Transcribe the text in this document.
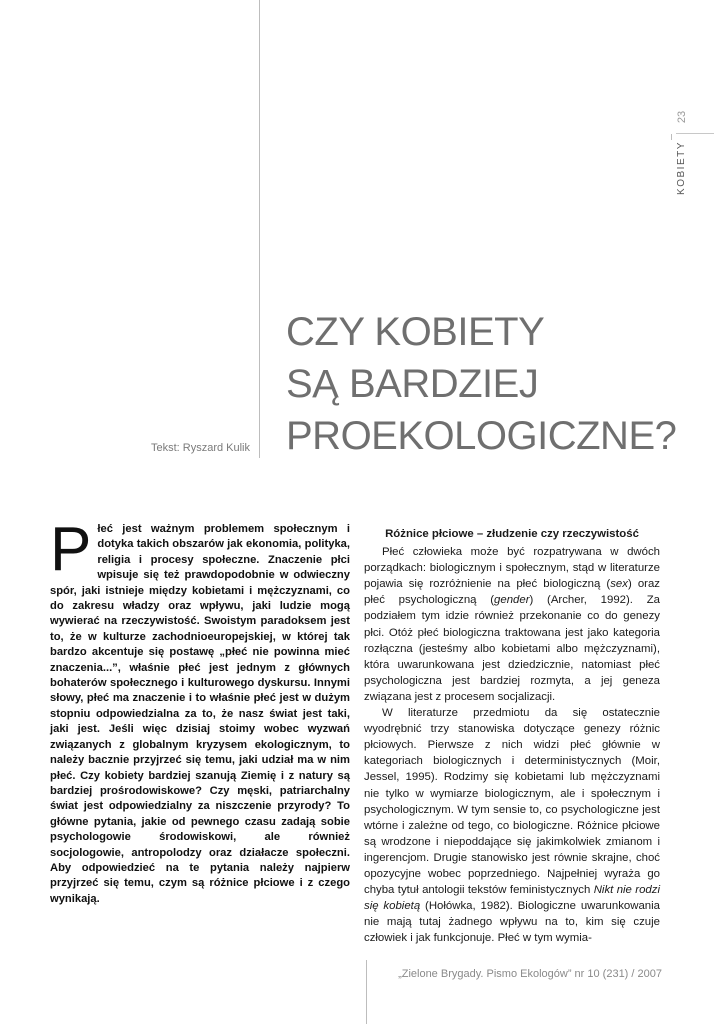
23
KOBIETY
CZY KOBIETY
SĄ BARDZIEJ
PROEKOLOGICZNE?
Tekst: Ryszard Kulik

P łeć jest ważnym problemem społecznym i dotyka takich obszarów jak ekonomia, polityka, religia i procesy społeczne. Znaczenie płci wpisuje się też prawdopodobnie w odwieczny spór, jaki istnieje między kobietami i mężczyznami, co do zakresu władzy oraz wpływu, jaki ludzie mogą wywierać na rzeczywistość. Swoistym paradoksem jest to, że w kulturze zachodnioeuropejskiej, w której tak bardzo akcentuje się postawę „płeć nie powinna mieć znaczenia...”, właśnie płeć jest jednym z głównych bohaterów społecznego i kulturowego dyskursu. Innymi słowy, płeć ma znaczenie i to właśnie płeć jest w dużym stopniu odpowiedzialna za to, że nasz świat jest taki, jaki jest. Jeśli więc dzisiaj stoimy wobec wyzwań związanych z globalnym kryzysem ekologicznym, to należy bacznie przyjrzeć się temu, jaki udział ma w nim płeć. Czy kobiety bardziej szanują Ziemię i z natury są bardziej prośrodowiskowe? Czy męski, patriarchalny świat jest odpowiedzialny za niszczenie przyrody? To główne pytania, jakie od pewnego czasu zadają sobie psychologowie środowiskowi, ale również socjologowie, antropolodzy oraz działacze społeczni. Aby odpowiedzieć na te pytania należy najpierw przyjrzeć się temu, czym są różnice płciowe i z czego wynikają.

Różnice płciowe – złudzenie czy rzeczywistość

Płeć człowieka może być rozpatrywana w dwóch porządkach: biologicznym i społecznym, stąd w literaturze pojawia się rozróżnienie na płeć biologiczną (sex) oraz płeć psychologiczną (gender) (Archer, 1992). Za podziałem tym idzie również przekonanie co do genezy płci. Otóż płeć biologiczna traktowana jest jako kategoria rozłączna (jesteśmy albo kobietami albo mężczyznami), która uwarunkowana jest dziedzicznie, natomiast płeć psychologiczna jest bardziej rozmyta, a jej geneza związana jest z procesem socjalizacji.

W literaturze przedmiotu da się ostatecznie wyodrębnić trzy stanowiska dotyczące genezy różnic płciowych. Pierwsze z nich widzi płeć głównie w kategoriach biologicznych i deterministycznych (Moir, Jessel, 1995). Rodzimy się kobietami lub mężczyznami nie tylko w wymiarze biologicznym, ale i społecznym i psychologicznym. W tym sensie to, co psychologiczne jest wtórne i zależne od tego, co biologiczne. Różnice płciowe są wrodzone i niepoddające się jakimkolwiek zmianom i ingerencjom. Drugie stanowisko jest równie skrajne, choć opozycyjne wobec poprzedniego. Najpełniej wyraża go chyba tytuł antologii tekstów feministycznych Nikt nie rodzi się kobietą (Hołówka, 1982). Biologiczne uwarunkowania nie mają tutaj żadnego wpływu na to, kim się czuje człowiek i jak funkcjonuje. Płeć w tym wymia-

„Zielone Brygady. Pismo Ekologów” nr 10 (231) / 2007
